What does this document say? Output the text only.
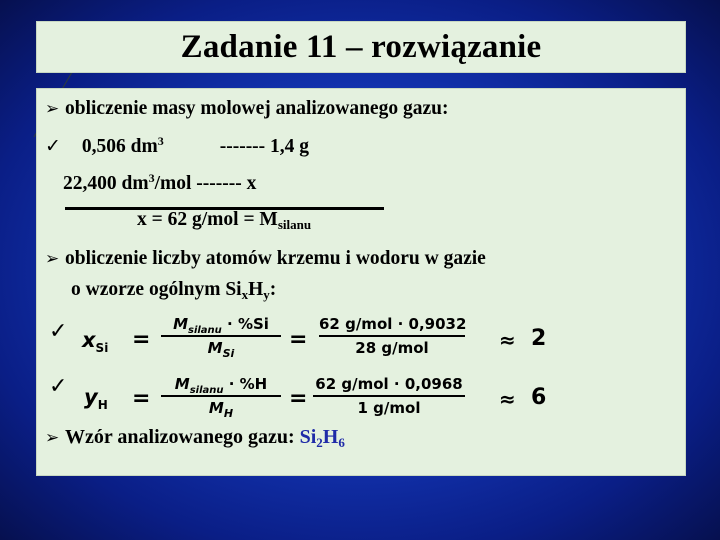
Zadanie 11 – rozwiązanie
➢ obliczenie masy molowej analizowanego gazu:
✓ 0,506 $dm^3$	------- 1,4 g
22,400 $dm^3$/mol ------- x
x = 62 $g/mol = M_{silanu}$
➢ obliczenie liczby atomów krzemu i wodoru w gazie
o wzorze ogólnym $Si_xH_y$:
✓ $x_{Si}$ =
$M_{silanu} \cdot \%Si$
$M_{Si}$
=
62 g/mol · 0,9032
28 g/mol	≈ 2
✓ $y_H$ =
$M_{silanu} \cdot \%H$
$M_H$
=
62 g/mol · 0,0968
1 g/mol	≈ 6
➢ Wzór analizowanego gazu: $Si_2H_6$
